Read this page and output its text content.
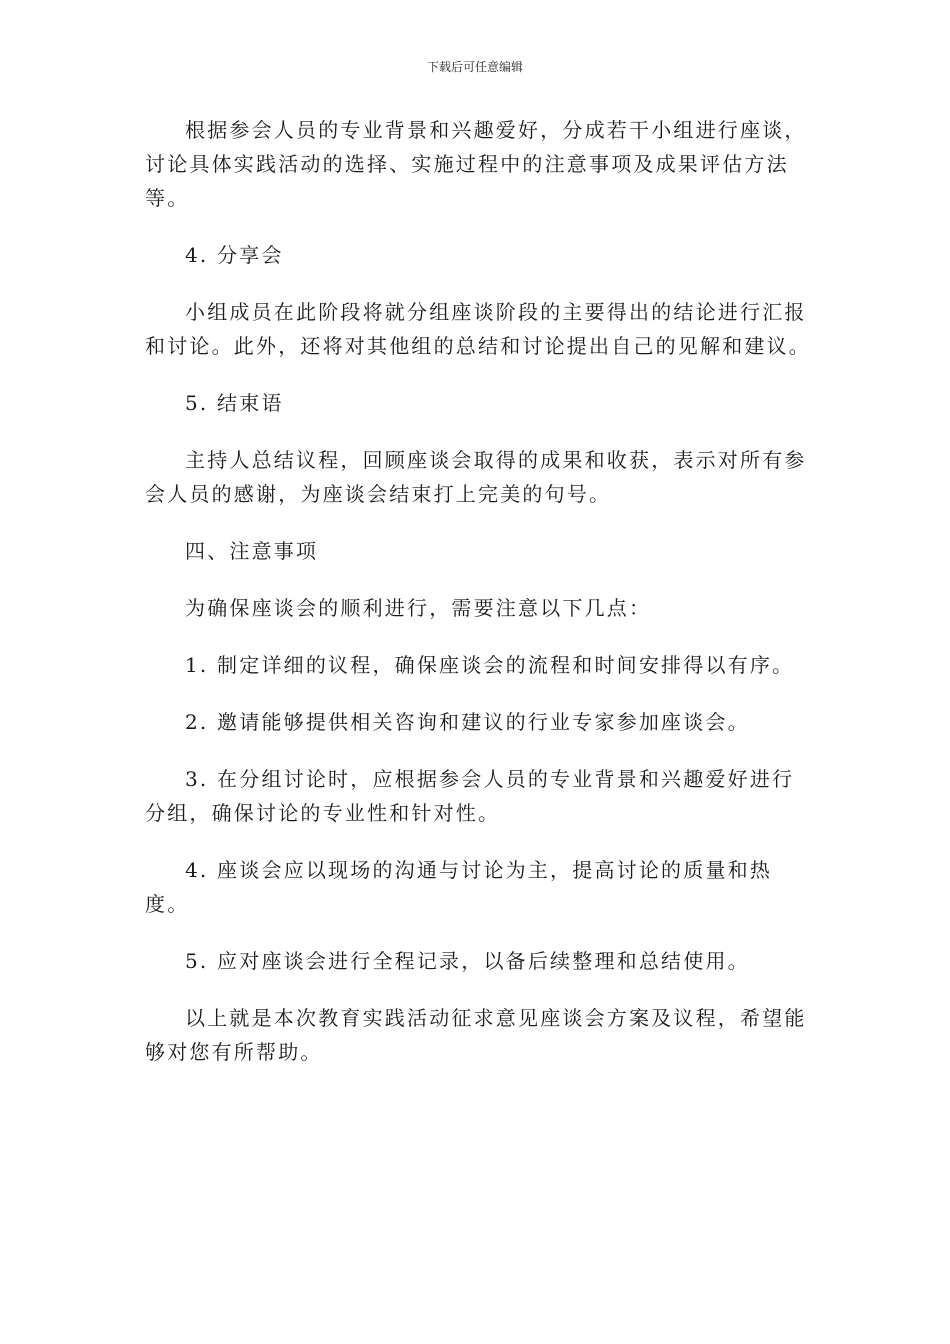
下载后可任意编辑

根据参会人员的专业背景和兴趣爱好，分成若干小组进行座谈，讨论具体实践活动的选择、实施过程中的注意事项及成果评估方法等。

4. 分享会

小组成员在此阶段将就分组座谈阶段的主要得出的结论进行汇报和讨论。此外，还将对其他组的总结和讨论提出自己的见解和建议。

5. 结束语

主持人总结议程，回顾座谈会取得的成果和收获，表示对所有参会人员的感谢，为座谈会结束打上完美的句号。

四、注意事项

为确保座谈会的顺利进行，需要注意以下几点：

1. 制定详细的议程，确保座谈会的流程和时间安排得以有序。

2. 邀请能够提供相关咨询和建议的行业专家参加座谈会。

3. 在分组讨论时，应根据参会人员的专业背景和兴趣爱好进行分组，确保讨论的专业性和针对性。

4. 座谈会应以现场的沟通与讨论为主，提高讨论的质量和热度。

5. 应对座谈会进行全程记录，以备后续整理和总结使用。

以上就是本次教育实践活动征求意见座谈会方案及议程，希望能够对您有所帮助。
